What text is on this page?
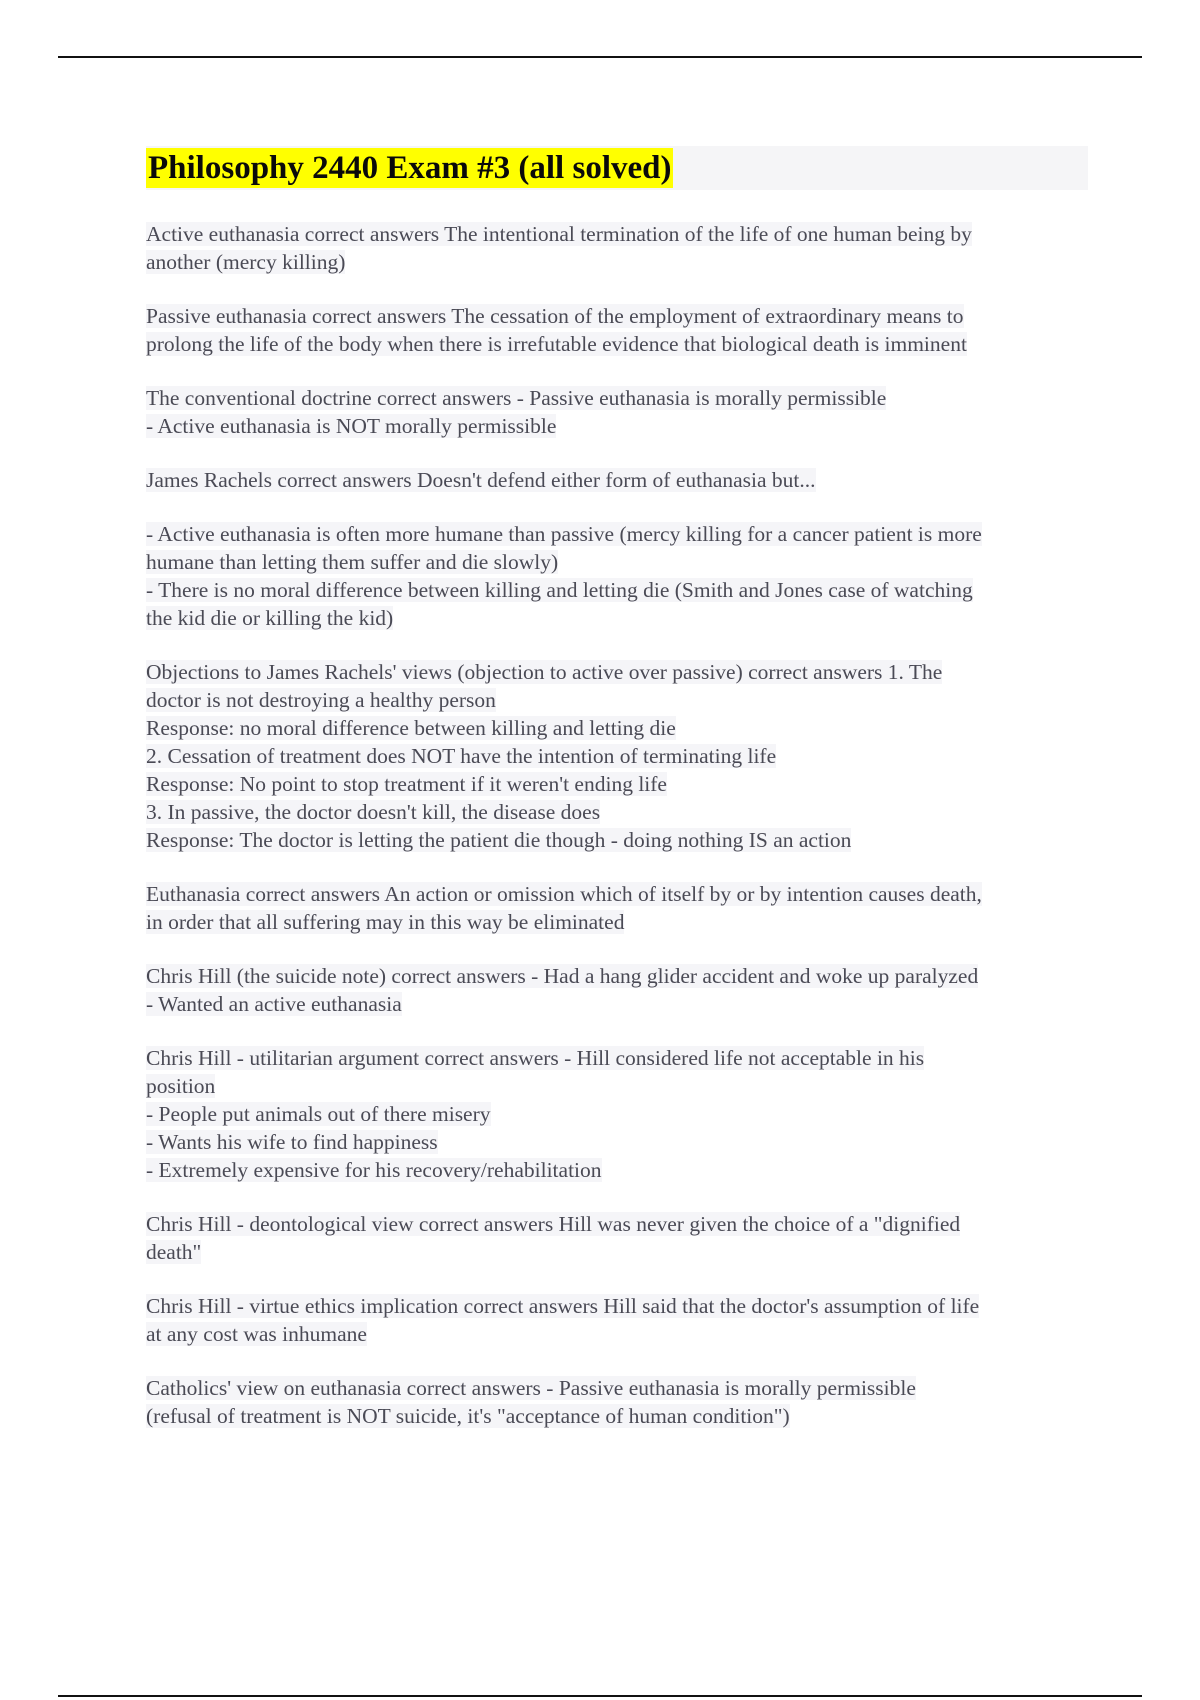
Philosophy 2440 Exam #3 (all solved)
Active euthanasia correct answers The intentional termination of the life of one human being by
another (mercy killing)
Passive euthanasia correct answers The cessation of the employment of extraordinary means to
prolong the life of the body when there is irrefutable evidence that biological death is imminent
The conventional doctrine correct answers - Passive euthanasia is morally permissible
- Active euthanasia is NOT morally permissible
James Rachels correct answers Doesn't defend either form of euthanasia but...
- Active euthanasia is often more humane than passive (mercy killing for a cancer patient is more
humane than letting them suffer and die slowly)
- There is no moral difference between killing and letting die (Smith and Jones case of watching
the kid die or killing the kid)
Objections to James Rachels' views (objection to active over passive) correct answers 1. The
doctor is not destroying a healthy person
Response: no moral difference between killing and letting die
2. Cessation of treatment does NOT have the intention of terminating life
Response: No point to stop treatment if it weren't ending life
3. In passive, the doctor doesn't kill, the disease does
Response: The doctor is letting the patient die though - doing nothing IS an action
Euthanasia correct answers An action or omission which of itself by or by intention causes death,
in order that all suffering may in this way be eliminated
Chris Hill (the suicide note) correct answers - Had a hang glider accident and woke up paralyzed
- Wanted an active euthanasia
Chris Hill - utilitarian argument correct answers - Hill considered life not acceptable in his
position
- People put animals out of there misery
- Wants his wife to find happiness
- Extremely expensive for his recovery/rehabilitation
Chris Hill - deontological view correct answers Hill was never given the choice of a "dignified
death"
Chris Hill - virtue ethics implication correct answers Hill said that the doctor's assumption of life
at any cost was inhumane
Catholics' view on euthanasia correct answers - Passive euthanasia is morally permissible
(refusal of treatment is NOT suicide, it's "acceptance of human condition")
